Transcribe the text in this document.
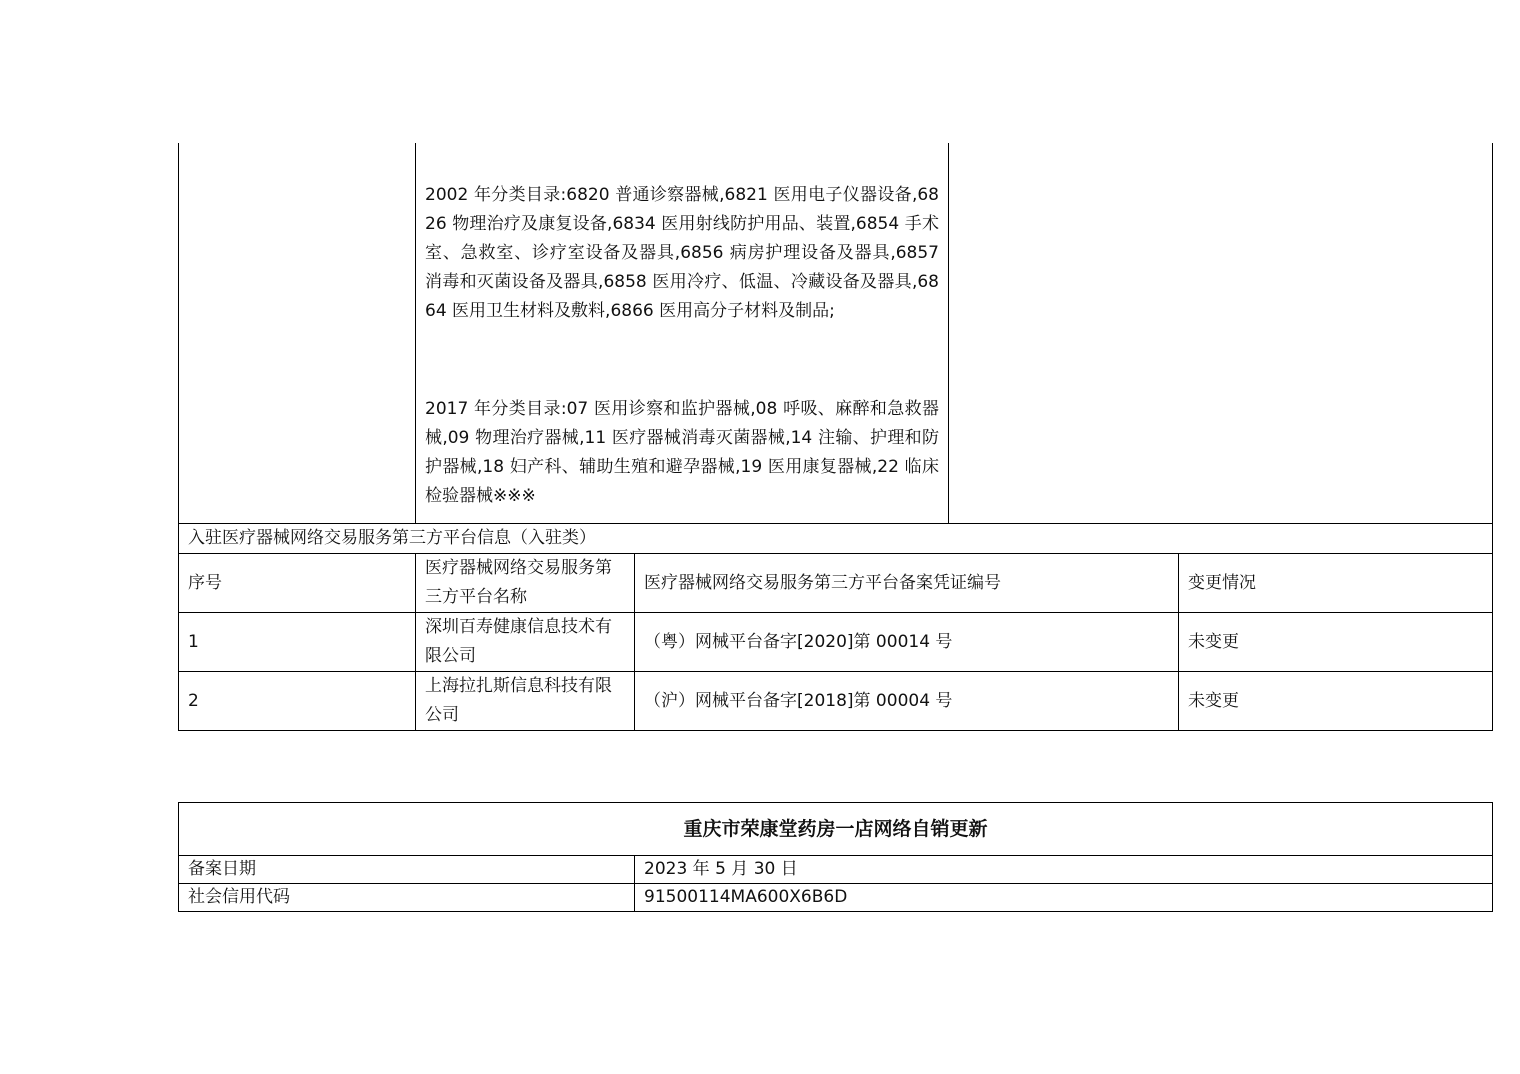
	2002 年分类目录:6820 普通诊察器械,6821 医用电子仪器设备,6826 物理治疗及康复设备,6834 医用射线防护用品、装置,6854 手术室、急救室、诊疗室设备及器具,6856 病房护理设备及器具,6857 消毒和灭菌设备及器具,6858 医用冷疗、低温、冷藏设备及器具,6864 医用卫生材料及敷料,6866 医用高分子材料及制品;
2017 年分类目录:07 医用诊察和监护器械,08 呼吸、麻醉和急救器械,09 物理治疗器械,11 医疗器械消毒灭菌器械,14 注输、护理和防护器械,18 妇产科、辅助生殖和避孕器械,19 医用康复器械,22 临床检验器械※※※			

入驻医疗器械网络交易服务第三方平台信息（入驻类）				
序号	医疗器械网络交易服务第三方平台名称	医疗器械网络交易服务第三方平台备案凭证编号		变更情况
1	深圳百寿健康信息技术有限公司	（粤）网械平台备字[2020]第 00014 号		未变更
2	上海拉扎斯信息科技有限公司	（沪）网械平台备字[2018]第 00004 号		未变更
重庆市荣康堂药房一店网络自销更新	
备案日期	2023 年 5 月 30 日
社会信用代码	91500114MA600X6B6D
